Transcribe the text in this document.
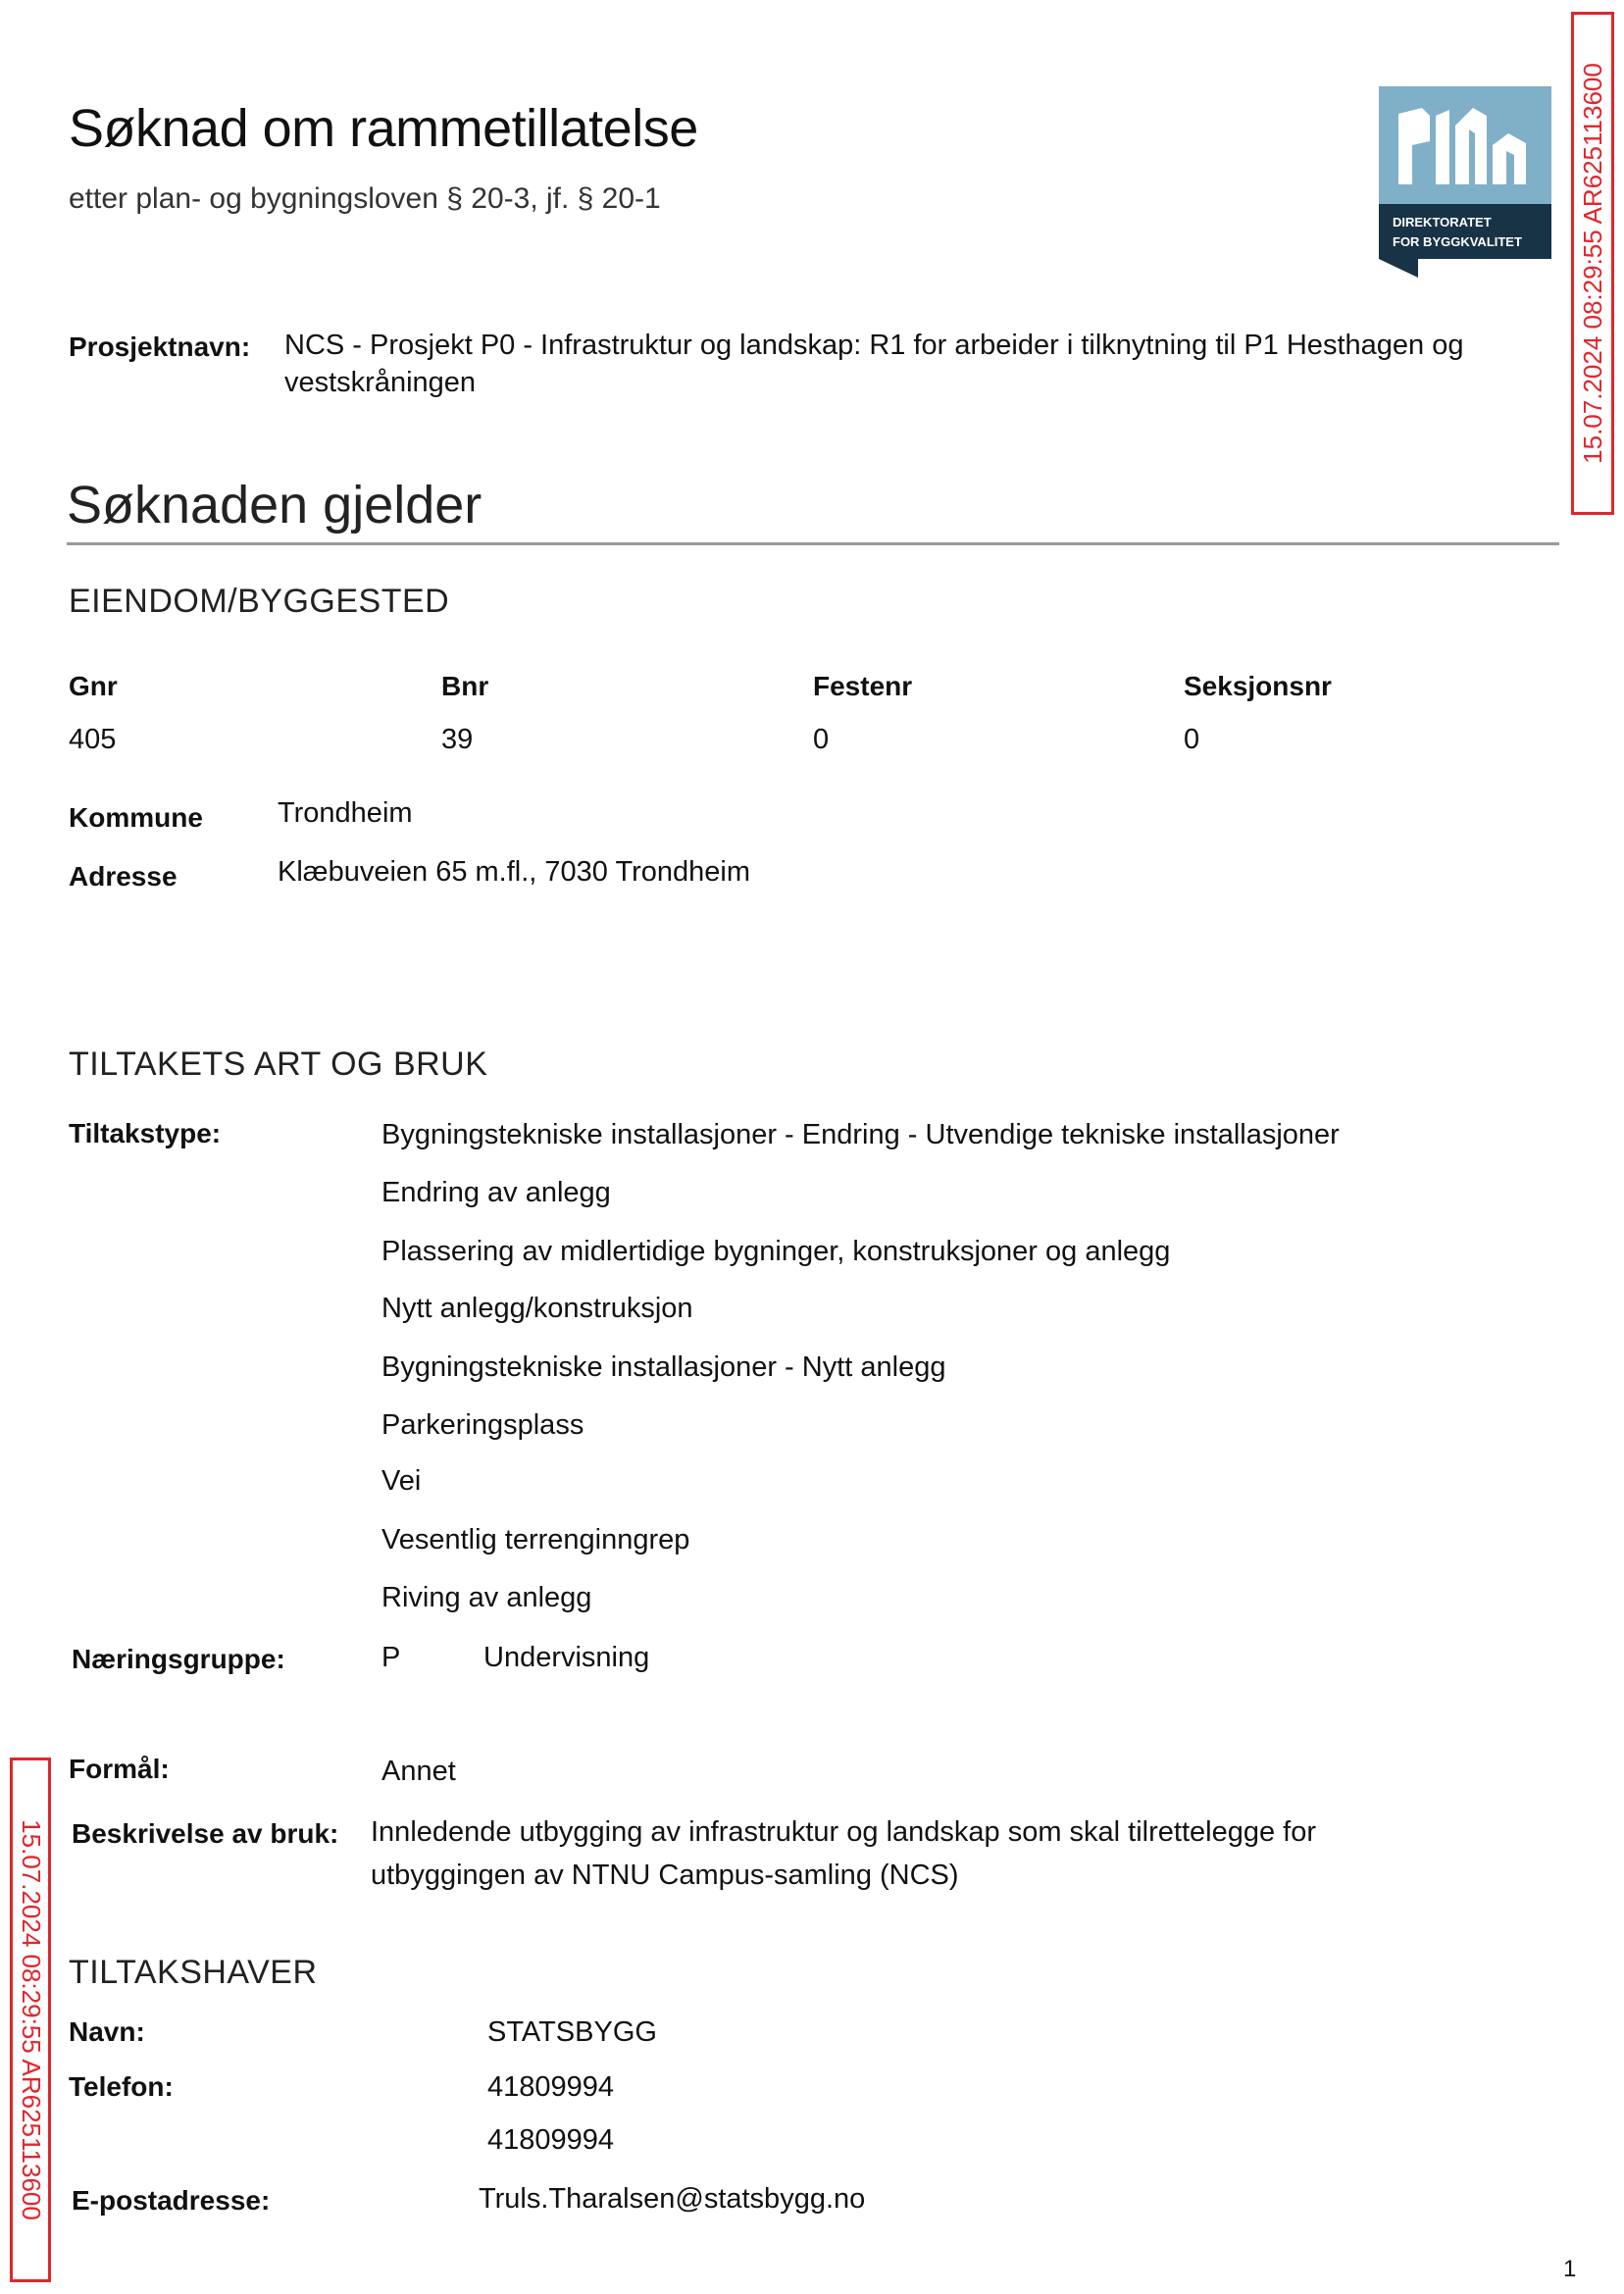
Søknad om rammetillatelse
etter plan- og bygningsloven § 20-3, jf. § 20-1
DIREKTORATET
FOR BYGGKVALITET 15.07.2024 08:29:55 AR625113600
15.07.2024 08:29:55 AR625113600
Prosjektnavn: NCS - Prosjekt P0 - Infrastruktur og landskap: R1 for arbeider i tilknytning til P1 Hesthagen og
vestskråningen
Søknaden gjelder
EIENDOM/BYGGESTED
Gnr	Bnr	Festenr	Seksjonsnr
405	39	0	0
Kommune	Trondheim
Adresse	Klæbuveien 65 m.fl., 7030 Trondheim
TILTAKETS ART OG BRUK
Tiltakstype:	Bygningstekniske installasjoner - Endring - Utvendige tekniske installasjoner
Endring av anlegg
Plassering av midlertidige bygninger, konstruksjoner og anlegg
Nytt anlegg/konstruksjon
Bygningstekniske installasjoner - Nytt anlegg
Parkeringsplass
Vei
Vesentlig terrenginngrep
Riving av anlegg
Næringsgruppe:	P	Undervisning
Formål:	Annet
Beskrivelse av bruk: Innledende utbygging av infrastruktur og landskap som skal tilrettelegge for
utbyggingen av NTNU Campus-samling (NCS)
TILTAKSHAVER
Navn:	STATSBYGG
Telefon:	41809994
41809994
E-postadresse:	Truls.Tharalsen@statsbygg.no
1
